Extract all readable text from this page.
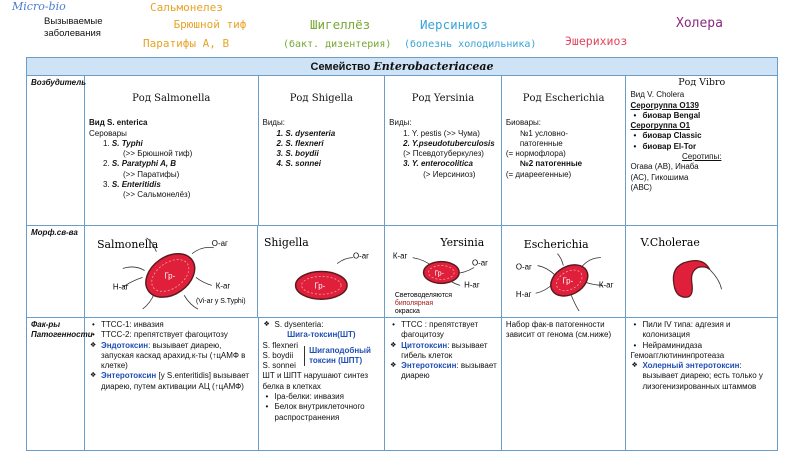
Micro-bio
Вызываемые
заболевания
Сальмонелез
Брюшной тиф
Паратифы А, В
Шигеллёз
(бакт. дизентерия)
Иерсиниоз
(болезнь холодильника) Эшерихиоз
Холера
Семейство Enterobacteriaceae
Возбудитель
Род Salmonella
Вид S. enterica
Серовары
1. S. Typhi
(>> Брюшной тиф)
2. S. Paratyphi A, B
(>> Паратифы)
3. S. Enteritidis
(>> Сальмонелёз)
Род Shigella
Виды:
1. S. dysenteria
2. S. flexneri
3. S. boydii
4. S. sonnei
Род Yersinia
Виды:
1. Y. pestis (>> Чума)
2. Y.pseudotuberculosis
(> Псевдотуберкулез)
3. Y. enterocolitica
(> Иерсиниоз)
Род Escherichia
Биовары:
№1 условно-
патогенные
(= нормофлора)
№2 патогенные
(= диареегенные)
Род Vibro
Вид V. Cholera
Серогруппа О139
• биовар Bengal
Серогруппа О1
• биовар Classic
• биовар El-Tor
Серотипы:
Огава (АВ), Инаба
(АС), Гикошима
(АВС)
Морф.св-ва
Salmonella
Гр-
О-аг
Н-аг	К-аг
(Vi-аг у S.Typhi)
Shigella
Гр-
О-аг
Yersinia
Гр-
К-аг
О-аг
Н-аг
Световоделяются
биполярная
окраска
Escherichia
Гр-
О-аг
Н-аг
К-аг
V.Cholerae
Фак-ры
Патогенности
• ТТСС-1: инвазия
• ТТСС-2: препятствует фагоцитозу
❖ Эндотоксин: вызывает диарею, запуская каскад арахид.к-ты (↑цАМФ в клетке)
❖ Энтеротоксин [у S.enteritidis] вызывает диарею, путем активации АЦ (↑цАМФ)
❖ S. dysenteria:
Шига-токсин(ШТ)
S. flexneri
S. boydii
S. sonnei
Шигаподобный
токсин (ШПТ)
ШТ и ШПТ нарушают синтез белка в клетках
• Ipa-белки: инвазия
• Белок внутриклеточного распространения
• ТТСС : препятствует фагоцитозу
❖ Цитотоксин: вызывает гибель клеток
❖ Энтеротоксин: вызывает диарею
Набор фак-в патогенности зависит от геномa (см.ниже)
• Пили IV типа: адгезия и колонизация
• Нейраминидаза
Гемоагглютининпротеаза
❖ Холерный энтеротоксин: вызывает диарею; есть только у лизогенизированных штаммов
